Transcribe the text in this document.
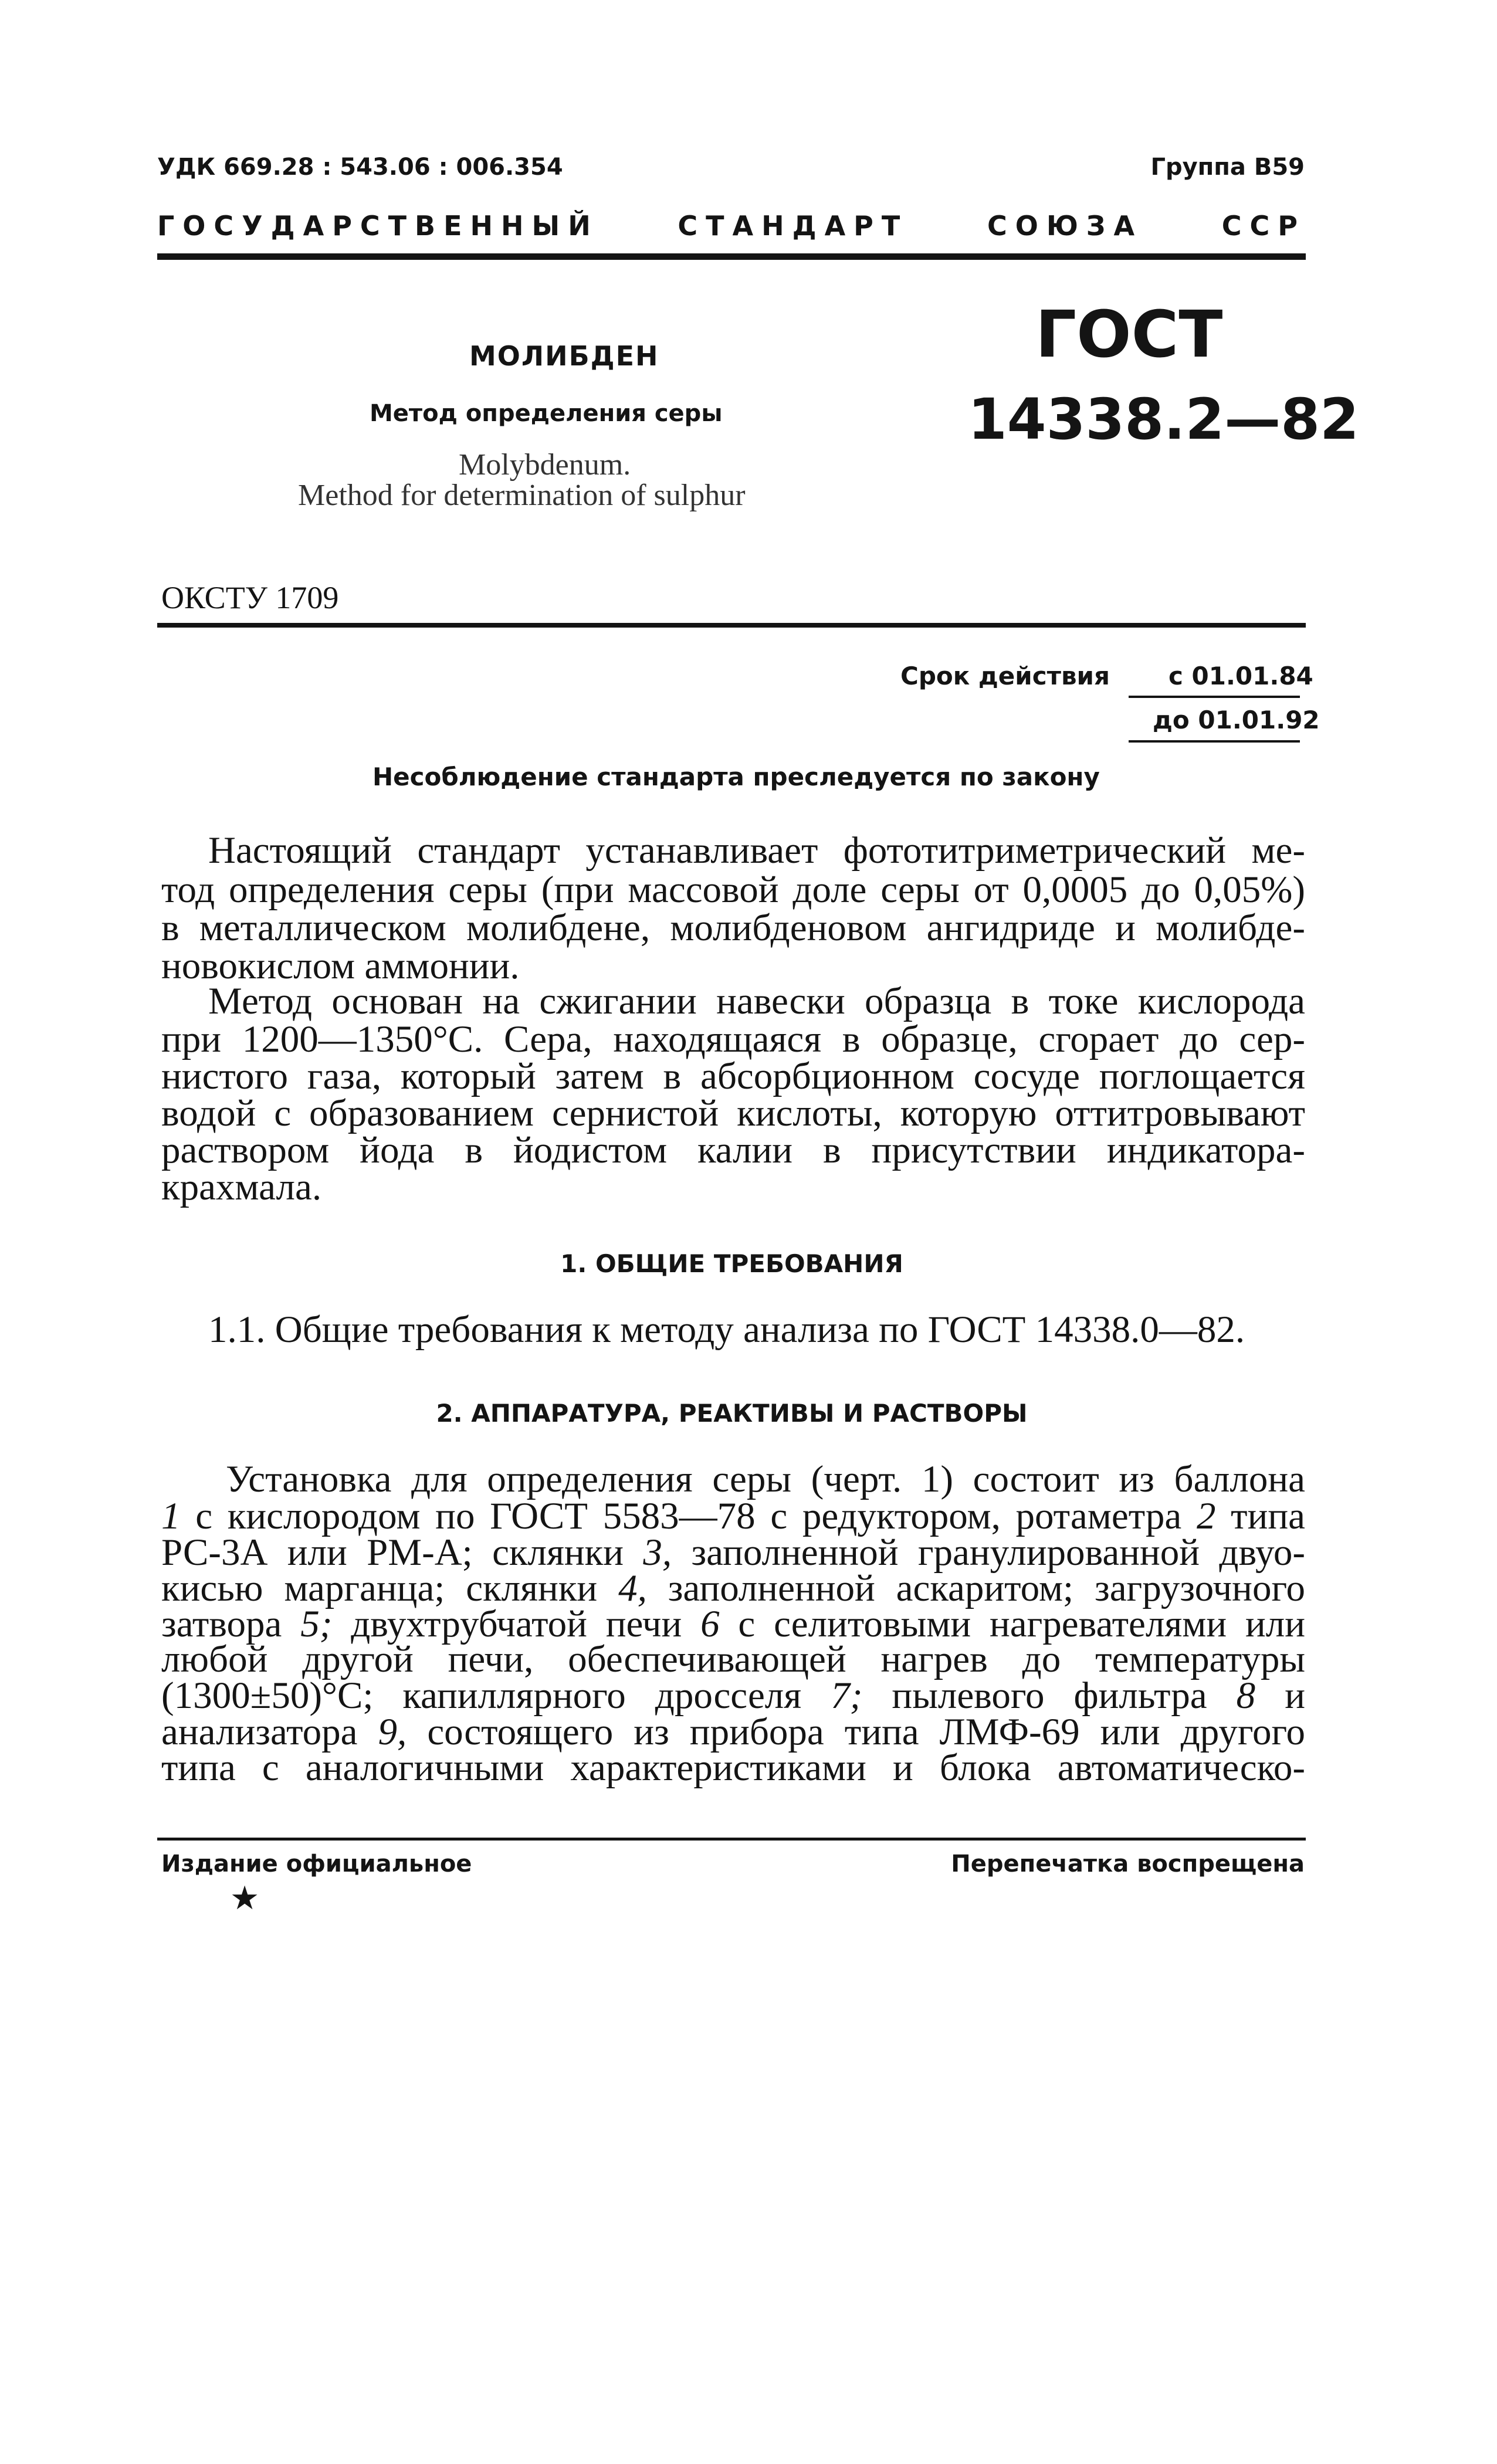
УДК 669.28 : 543.06 : 006.354	Группа В59
ГОСУДАРСТВЕННЫЙ СТАНДАРТ СОЮЗА ССР
МОЛИБДЕН
Метод определения серы
Molybdenum.
Method for determination of sulphur
ГОСТ
14338.2—82
ОКСТУ 1709
Срок действия с 01.01.84
до 01.01.92
Несоблюдение стандарта преследуется по закону
Настоящий стандарт устанавливает фототитриметрический ме-
тод определения серы (при массовой доле серы от 0,0005 до 0,05%)
в металлическом молибдене, молибденовом ангидриде и молибде-
новокислом аммонии.
Метод основан на сжигании навески образца в токе кислорода
при 1200—1350°С. Сера, находящаяся в образце, сгорает до сер-
нистого газа, который затем в абсорбционном сосуде поглощается
водой с образованием сернистой кислоты, которую оттитровывают
раствором йода в йодистом калии в присутствии индикатора-
крахмала.
1. ОБЩИЕ ТРЕБОВАНИЯ
1.1. Общие требования к методу анализа по ГОСТ 14338.0—82.
2. АППАРАТУРА, РЕАКТИВЫ И РАСТВОРЫ
Установка для определения серы (черт. 1) состоит из баллона
1 с кислородом по ГОСТ 5583—78 с редуктором, ротаметра 2 типа
РС-3А или РМ-А; склянки 3, заполненной гранулированной двуо-
кисью марганца; склянки 4, заполненной аскаритом; загрузочного
затвора 5; двухтрубчатой печи 6 с селитовыми нагревателями или
любой другой печи, обеспечивающей нагрев до температуры
(1300±50)°С; капиллярного дросселя 7; пылевого фильтра 8 и
анализатора 9, состоящего из прибора типа ЛМФ-69 или другого
типа с аналогичными характеристиками и блока автоматическо-
Издание официальное	Перепечатка воспрещена
★
